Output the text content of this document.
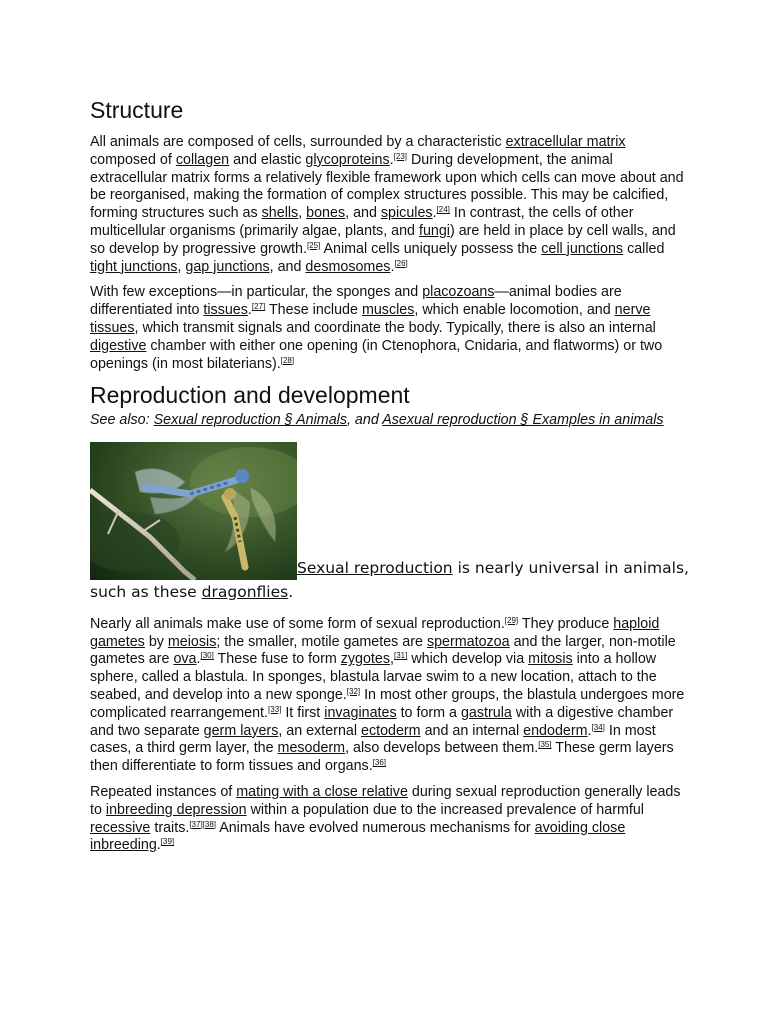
Structure

All animals are composed of cells, surrounded by a characteristic extracellular matrix composed of collagen and elastic glycoproteins.[23] During development, the animal extracellular matrix forms a relatively flexible framework upon which cells can move about and be reorganised, making the formation of complex structures possible. This may be calcified, forming structures such as shells, bones, and spicules.[24] In contrast, the cells of other multicellular organisms (primarily algae, plants, and fungi) are held in place by cell walls, and so develop by progressive growth.[25] Animal cells uniquely possess the cell junctions called tight junctions, gap junctions, and desmosomes.[26]

With few exceptions—in particular, the sponges and placozoans—animal bodies are differentiated into tissues.[27] These include muscles, which enable locomotion, and nerve tissues, which transmit signals and coordinate the body. Typically, there is also an internal digestive chamber with either one opening (in Ctenophora, Cnidaria, and flatworms) or two openings (in most bilaterians).[28]

Reproduction and development
See also: Sexual reproduction § Animals, and Asexual reproduction § Examples in animals
Sexual reproduction is nearly universal in animals, such as these dragonflies.

Nearly all animals make use of some form of sexual reproduction.[29] They produce haploid gametes by meiosis; the smaller, motile gametes are spermatozoa and the larger, non-motile gametes are ova.[30] These fuse to form zygotes,[31] which develop via mitosis into a hollow sphere, called a blastula. In sponges, blastula larvae swim to a new location, attach to the seabed, and develop into a new sponge.[32] In most other groups, the blastula undergoes more complicated rearrangement.[33] It first invaginates to form a gastrula with a digestive chamber and two separate germ layers, an external ectoderm and an internal endoderm.[34] In most cases, a third germ layer, the mesoderm, also develops between them.[35] These germ layers then differentiate to form tissues and organs.[36]

Repeated instances of mating with a close relative during sexual reproduction generally leads to inbreeding depression within a population due to the increased prevalence of harmful recessive traits.[37][38] Animals have evolved numerous mechanisms for avoiding close inbreeding.[39]
